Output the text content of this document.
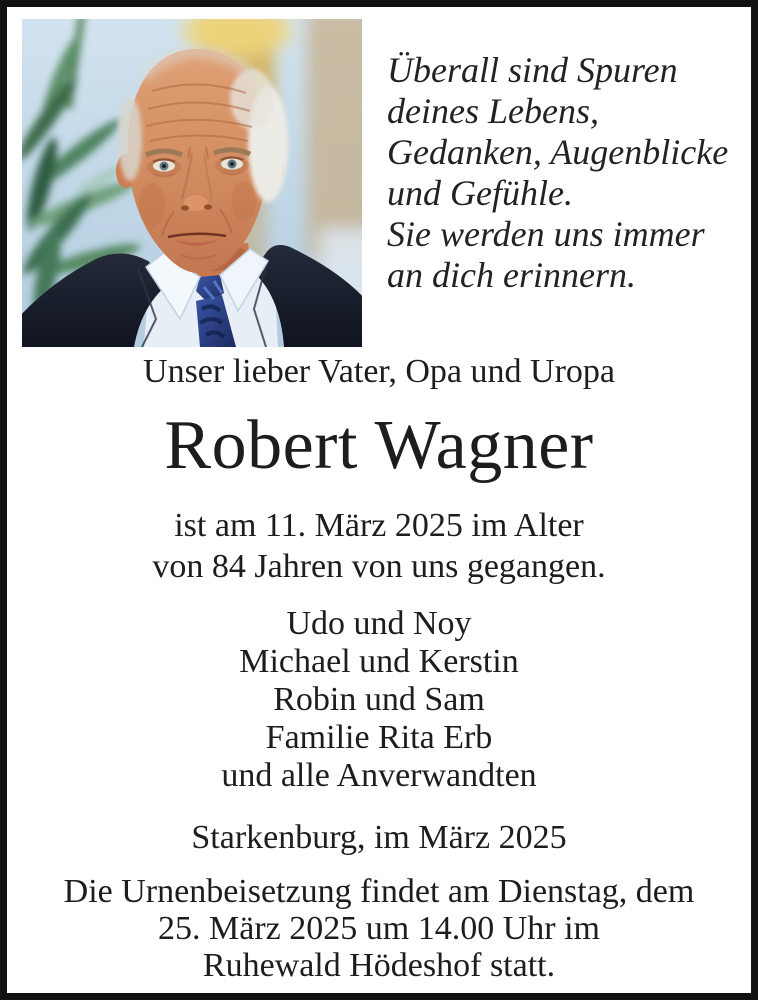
Überall sind Spuren
deines Lebens,
Gedanken, Augenblicke
und Gefühle.
Sie werden uns immer
an dich erinnern.
Unser lieber Vater, Opa und Uropa
Robert Wagner
ist am 11. März 2025 im Alter
von 84 Jahren von uns gegangen.
Udo und Noy
Michael und Kerstin
Robin und Sam
Familie Rita Erb
und alle Anverwandten
Starkenburg, im März 2025
Die Urnenbeisetzung findet am Dienstag, dem
25. März 2025 um 14.00 Uhr im
Ruhewald Hödeshof statt.
